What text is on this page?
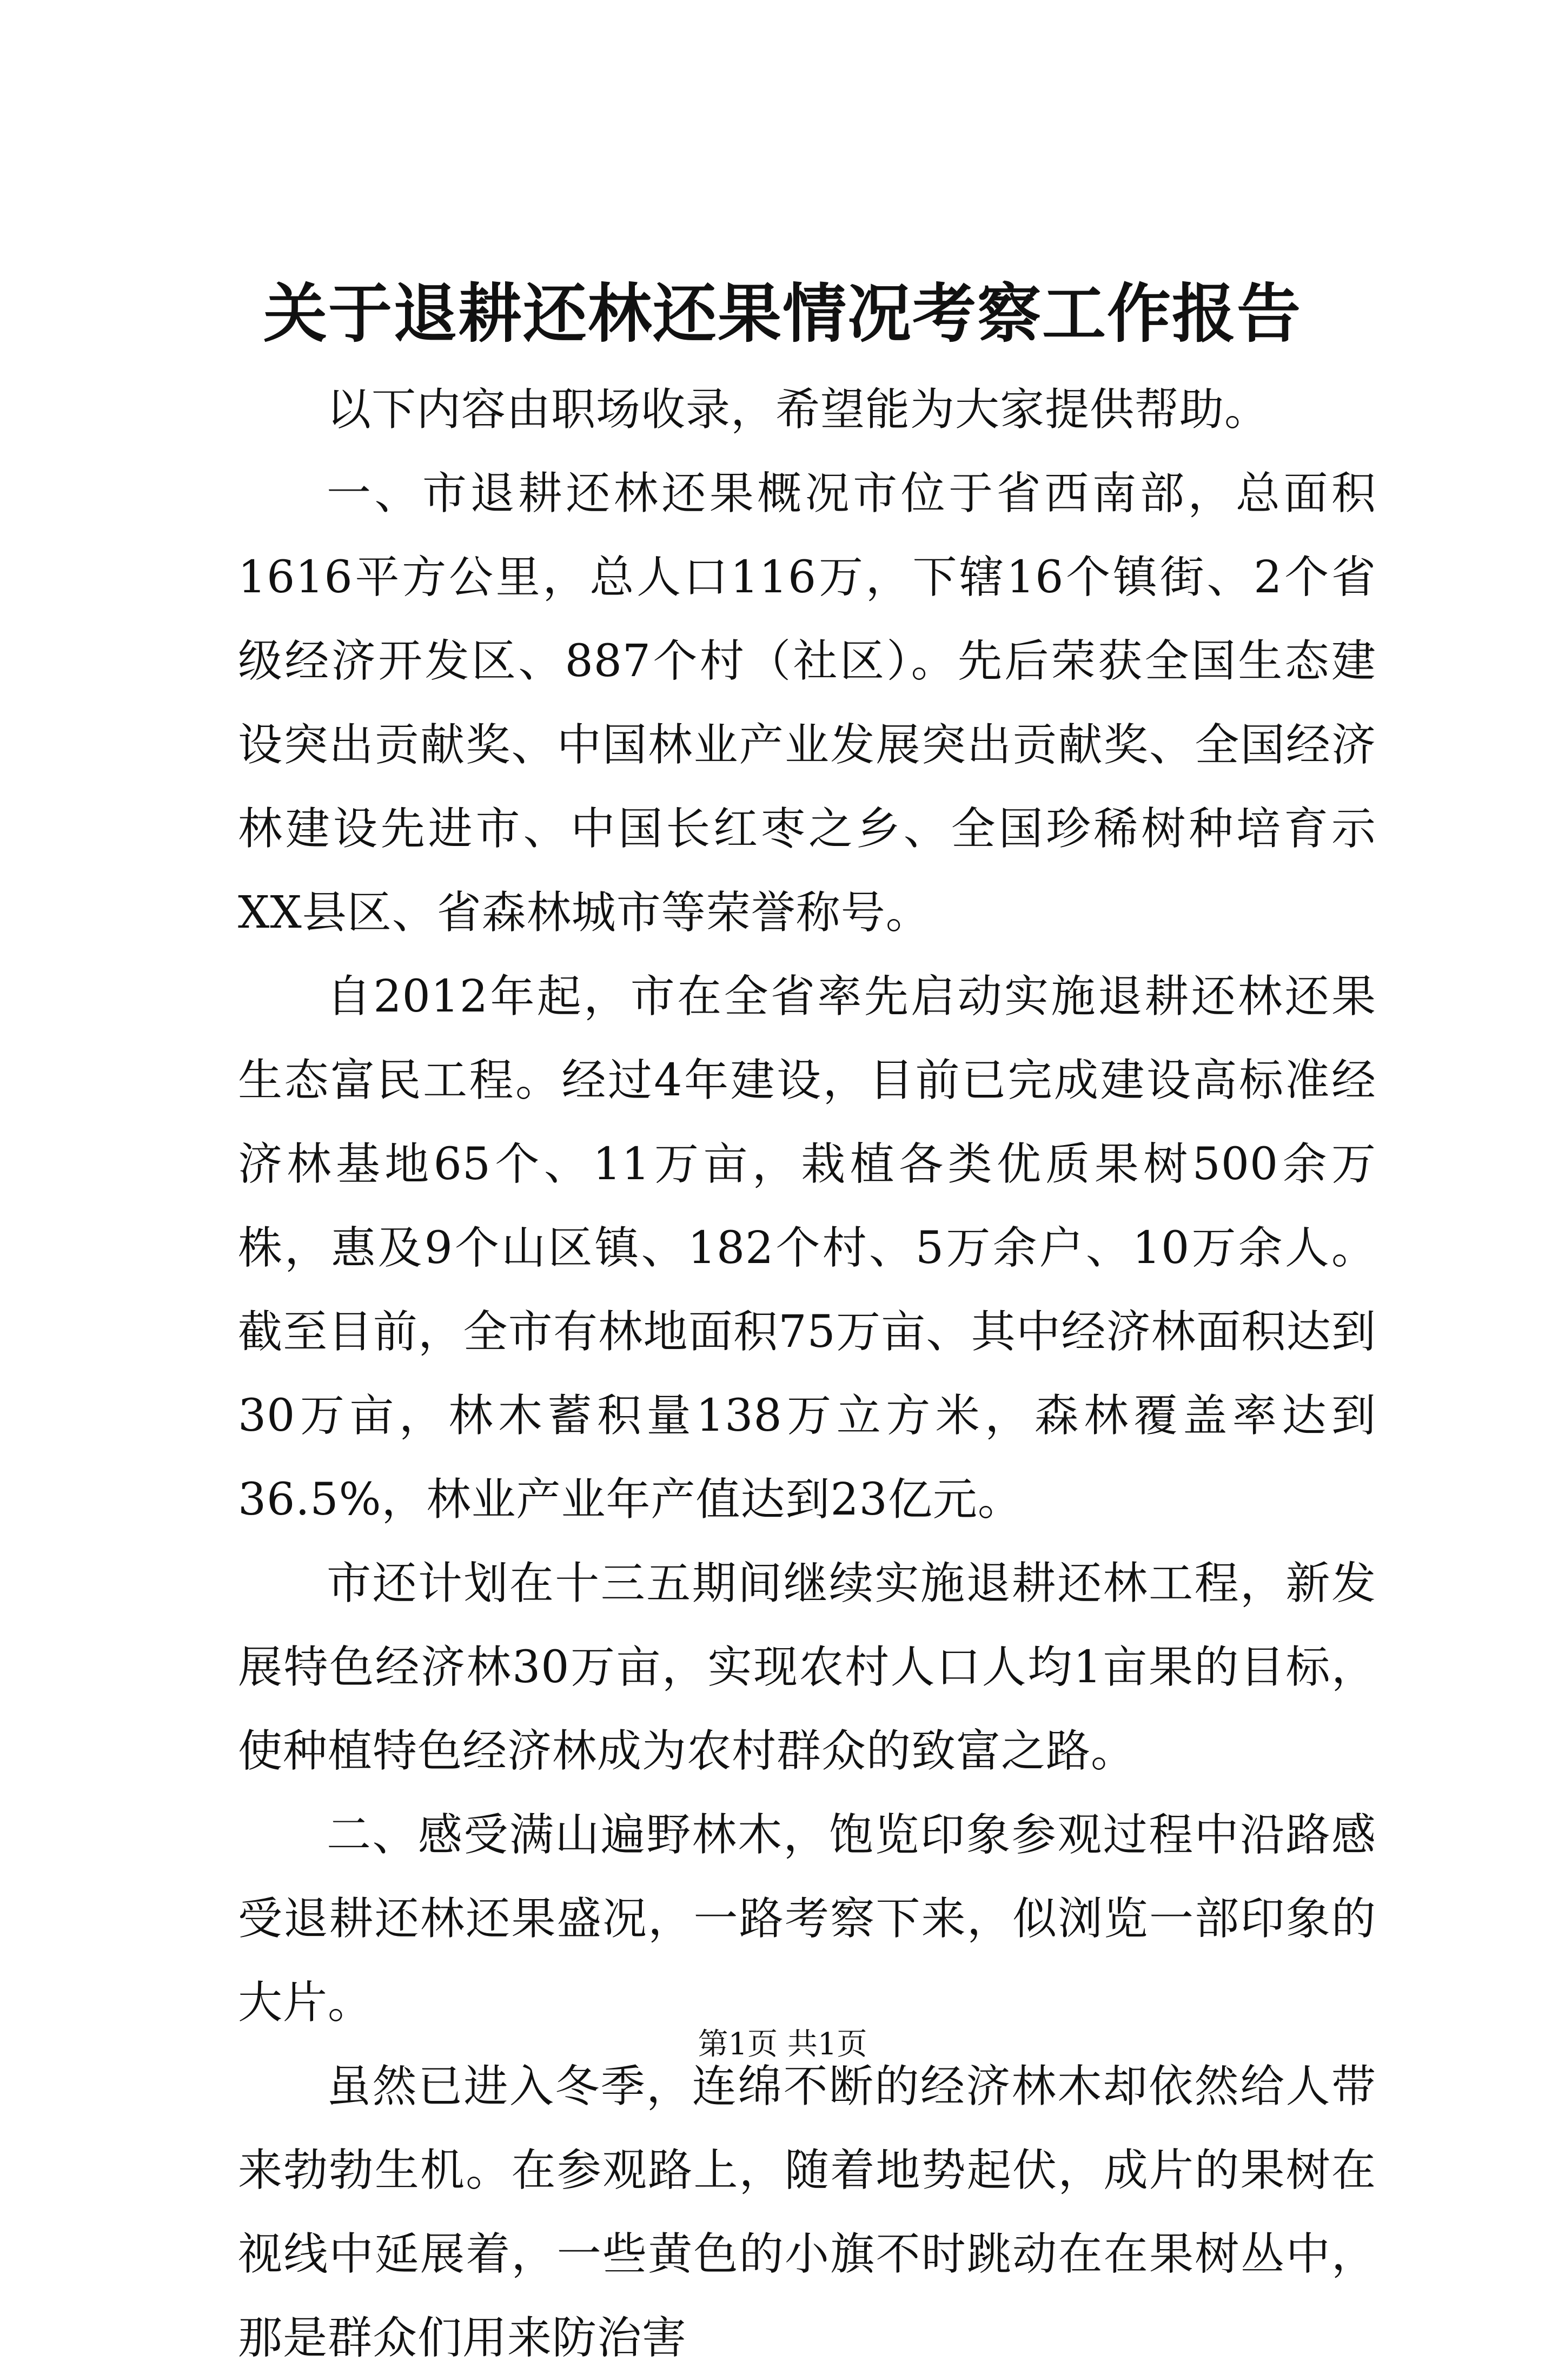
关于退耕还林还果情况考察工作报告

以下内容由职场收录，希望能为大家提供帮助。

一、市退耕还林还果概况市位于省西南部，总面积1616平方公里，总人口116万，下辖16个镇街、2个省级经济开发区、887个村（社区）。先后荣获全国生态建设突出贡献奖、中国林业产业发展突出贡献奖、全国经济林建设先进市、中国长红枣之乡、全国珍稀树种培育示XX县区、省森林城市等荣誉称号。

自2012年起，市在全省率先启动实施退耕还林还果生态富民工程。经过4年建设，目前已完成建设高标准经济林基地65个、11万亩，栽植各类优质果树500余万株，惠及9个山区镇、182个村、5万余户、10万余人。截至目前，全市有林地面积75万亩、其中经济林面积达到30万亩，林木蓄积量138万立方米，森林覆盖率达到36.5%，林业产业年产值达到23亿元。

市还计划在十三五期间继续实施退耕还林工程，新发展特色经济林30万亩，实现农村人口人均1亩果的目标，使种植特色经济林成为农村群众的致富之路。

二、感受满山遍野林木，饱览印象参观过程中沿路感受退耕还林还果盛况，一路考察下来，似浏览一部印象的大片。

虽然已进入冬季，连绵不断的经济林木却依然给人带来勃勃生机。在参观路上，随着地势起伏，成片的果树在视线中延展着，一些黄色的小旗不时跳动在在果树丛中，那是群众们用来防治害

第1页 共1页
